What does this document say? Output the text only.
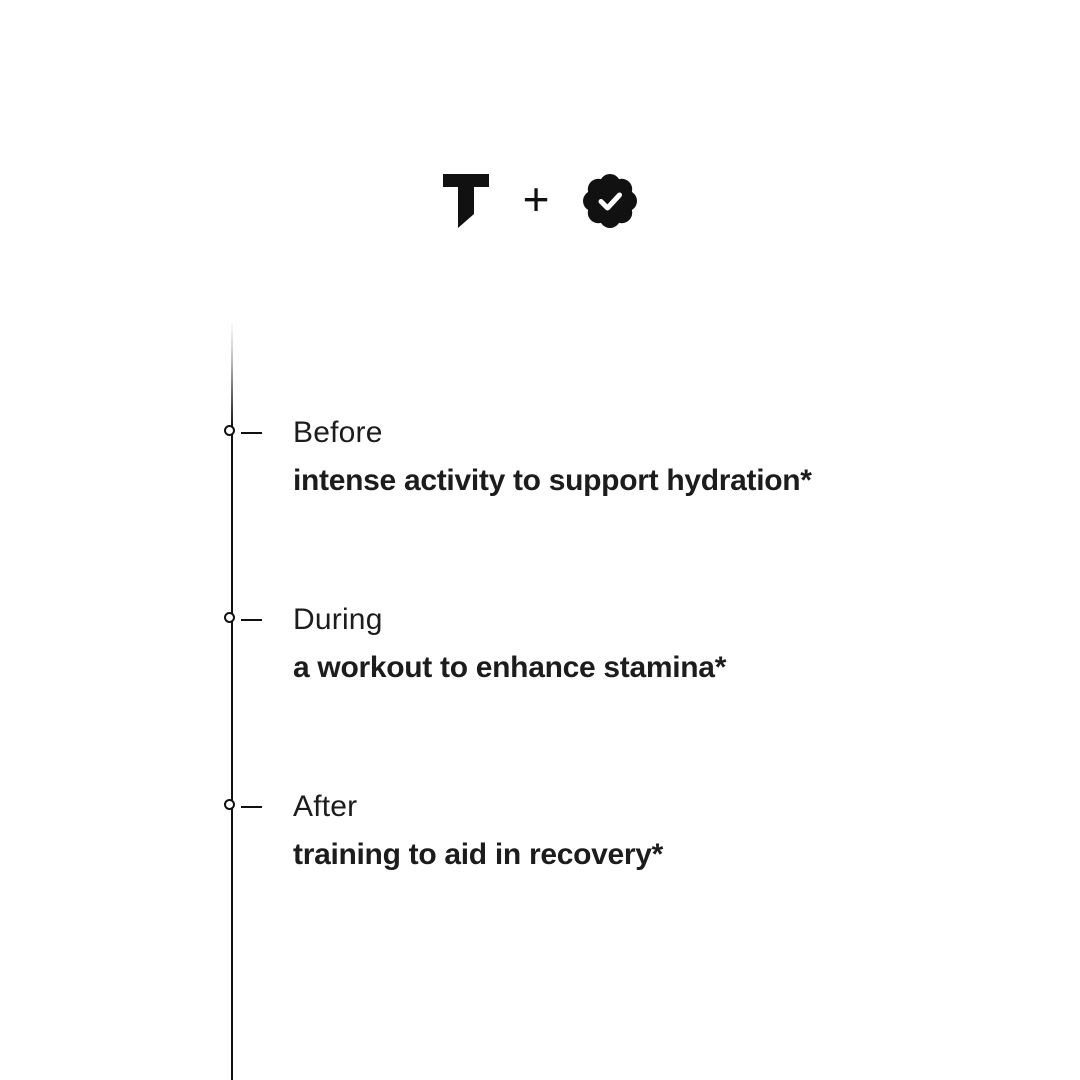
+
Before
intense activity to support hydration*
During
a workout to enhance stamina*
After
training to aid in recovery*
